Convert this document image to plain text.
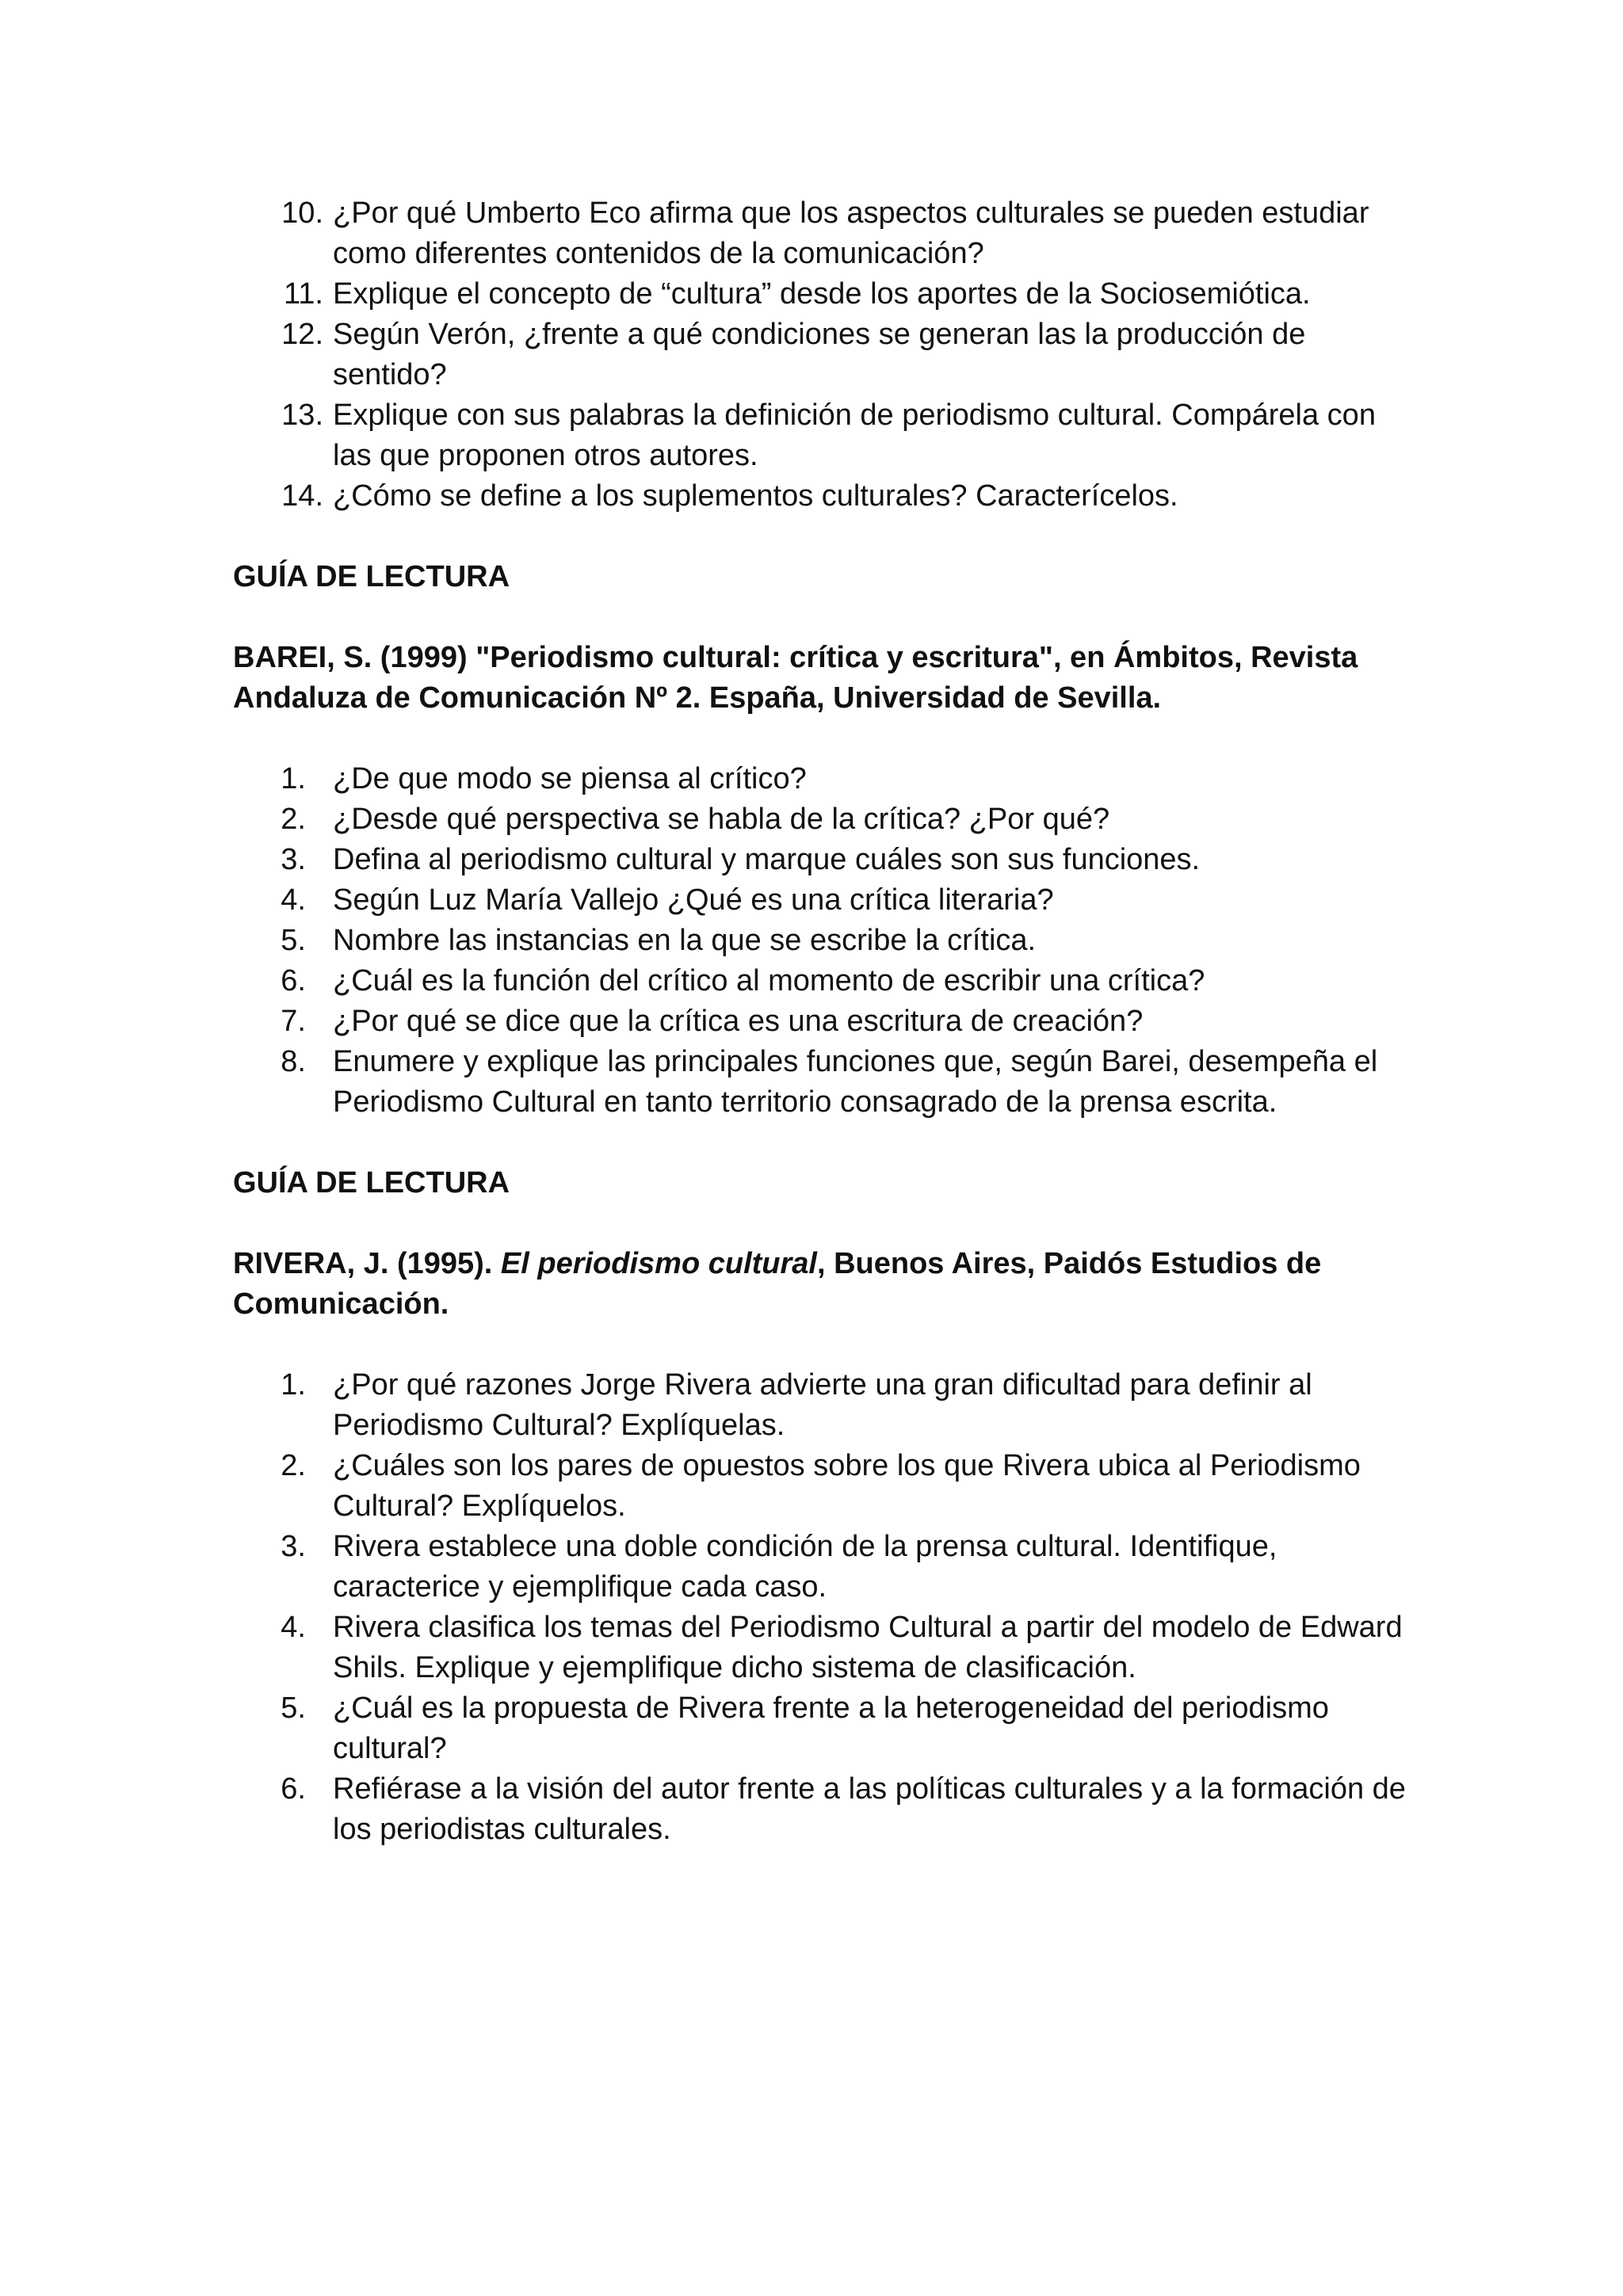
10. ¿Por qué Umberto Eco afirma que los aspectos culturales se pueden estudiar como diferentes contenidos de la comunicación?
11. Explique el concepto de “cultura” desde los aportes de la Sociosemiótica.
12. Según Verón, ¿frente a qué condiciones se generan las la producción de sentido?
13. Explique con sus palabras la definición de periodismo cultural. Compárela con las que proponen otros autores.
14. ¿Cómo se define a los suplementos culturales? Caracterícelos.

GUÍA DE LECTURA

BAREI, S. (1999) "Periodismo cultural: crítica y escritura", en Ámbitos, Revista Andaluza de Comunicación Nº 2. España, Universidad de Sevilla.

1. ¿De que modo se piensa al crítico?
2. ¿Desde qué perspectiva se habla de la crítica? ¿Por qué?
3. Defina al periodismo cultural y marque cuáles son sus funciones.
4. Según Luz María Vallejo ¿Qué es una crítica literaria?
5. Nombre las instancias en la que se escribe la crítica.
6. ¿Cuál es la función del crítico al momento de escribir una crítica?
7. ¿Por qué se dice que la crítica es una escritura de creación?
8. Enumere y explique las principales funciones que, según Barei, desempeña el Periodismo Cultural en tanto territorio consagrado de la prensa escrita.

GUÍA DE LECTURA

RIVERA, J. (1995). El periodismo cultural, Buenos Aires, Paidós Estudios de Comunicación.

1. ¿Por qué razones Jorge Rivera advierte una gran dificultad para definir al Periodismo Cultural? Explíquelas.
2. ¿Cuáles son los pares de opuestos sobre los que Rivera ubica al Periodismo Cultural? Explíquelos.
3. Rivera establece una doble condición de la prensa cultural. Identifique, caracterice y ejemplifique cada caso.
4. Rivera clasifica los temas del Periodismo Cultural a partir del modelo de Edward Shils. Explique y ejemplifique dicho sistema de clasificación.
5. ¿Cuál es la propuesta de Rivera frente a la heterogeneidad del periodismo cultural?
6. Refiérase a la visión del autor frente a las políticas culturales y a la formación de los periodistas culturales.
